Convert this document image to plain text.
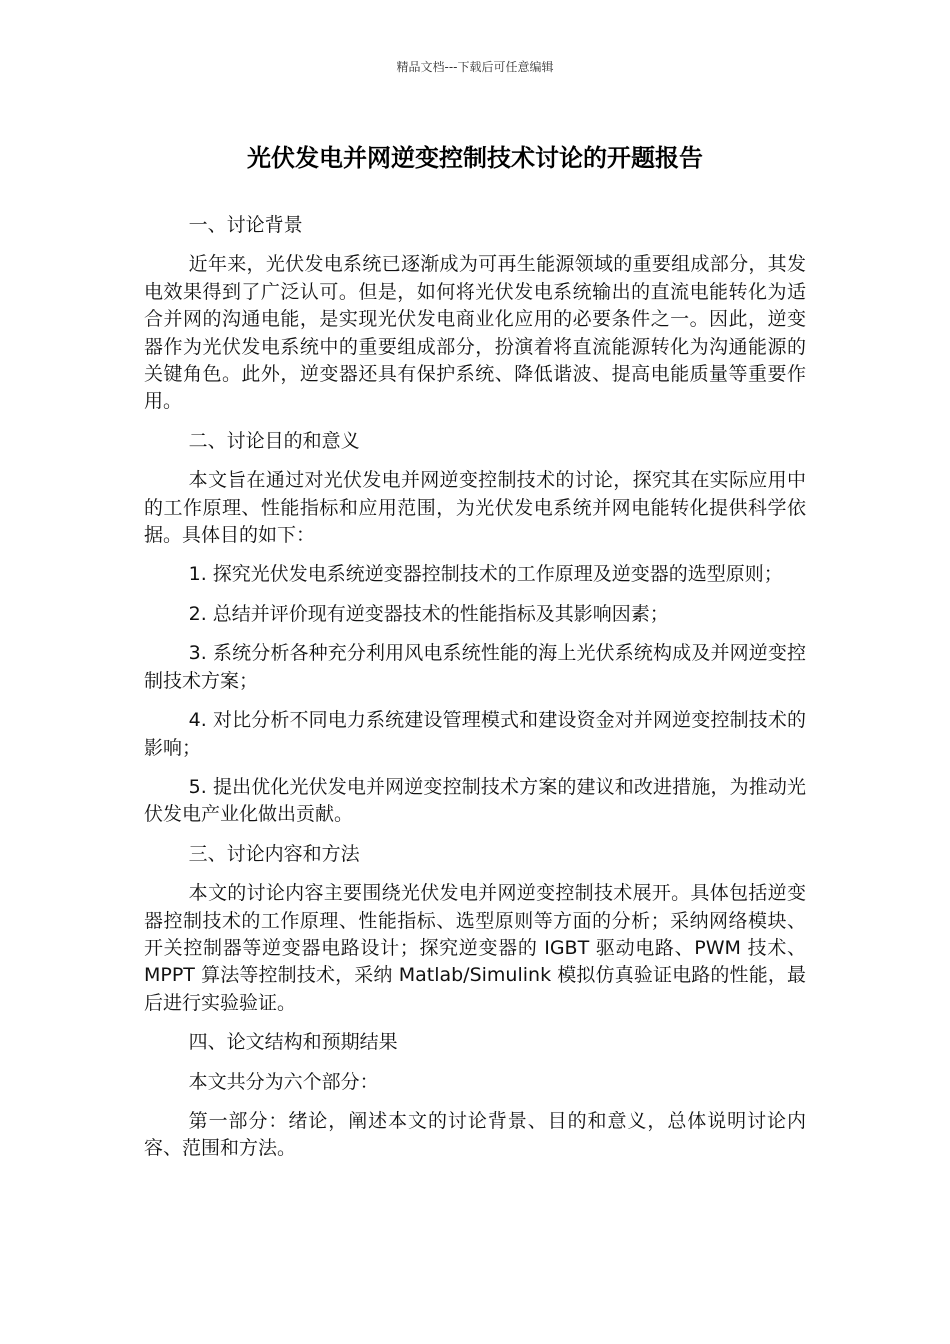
精品文档---下载后可任意编辑
光伏发电并网逆变控制技术讨论的开题报告

一、讨论背景

近年来，光伏发电系统已逐渐成为可再生能源领域的重要组成部分，其发电效果得到了广泛认可。但是，如何将光伏发电系统输出的直流电能转化为适合并网的沟通电能，是实现光伏发电商业化应用的必要条件之一。因此，逆变器作为光伏发电系统中的重要组成部分，扮演着将直流能源转化为沟通能源的关键角色。此外，逆变器还具有保护系统、降低谐波、提高电能质量等重要作用。

二、讨论目的和意义

本文旨在通过对光伏发电并网逆变控制技术的讨论，探究其在实际应用中的工作原理、性能指标和应用范围，为光伏发电系统并网电能转化提供科学依据。具体目的如下：

1. 探究光伏发电系统逆变器控制技术的工作原理及逆变器的选型原则；

2. 总结并评价现有逆变器技术的性能指标及其影响因素；

3. 系统分析各种充分利用风电系统性能的海上光伏系统构成及并网逆变控制技术方案；

4. 对比分析不同电力系统建设管理模式和建设资金对并网逆变控制技术的影响；

5. 提出优化光伏发电并网逆变控制技术方案的建议和改进措施，为推动光伏发电产业化做出贡献。

三、讨论内容和方法

本文的讨论内容主要围绕光伏发电并网逆变控制技术展开。具体包括逆变器控制技术的工作原理、性能指标、选型原则等方面的分析；采纳网络模块、开关控制器等逆变器电路设计；探究逆变器的 IGBT 驱动电路、PWM 技术、MPPT 算法等控制技术，采纳 Matlab/Simulink 模拟仿真验证电路的性能，最后进行实验验证。

四、论文结构和预期结果

本文共分为六个部分：

第一部分：绪论，阐述本文的讨论背景、目的和意义，总体说明讨论内容、范围和方法。
